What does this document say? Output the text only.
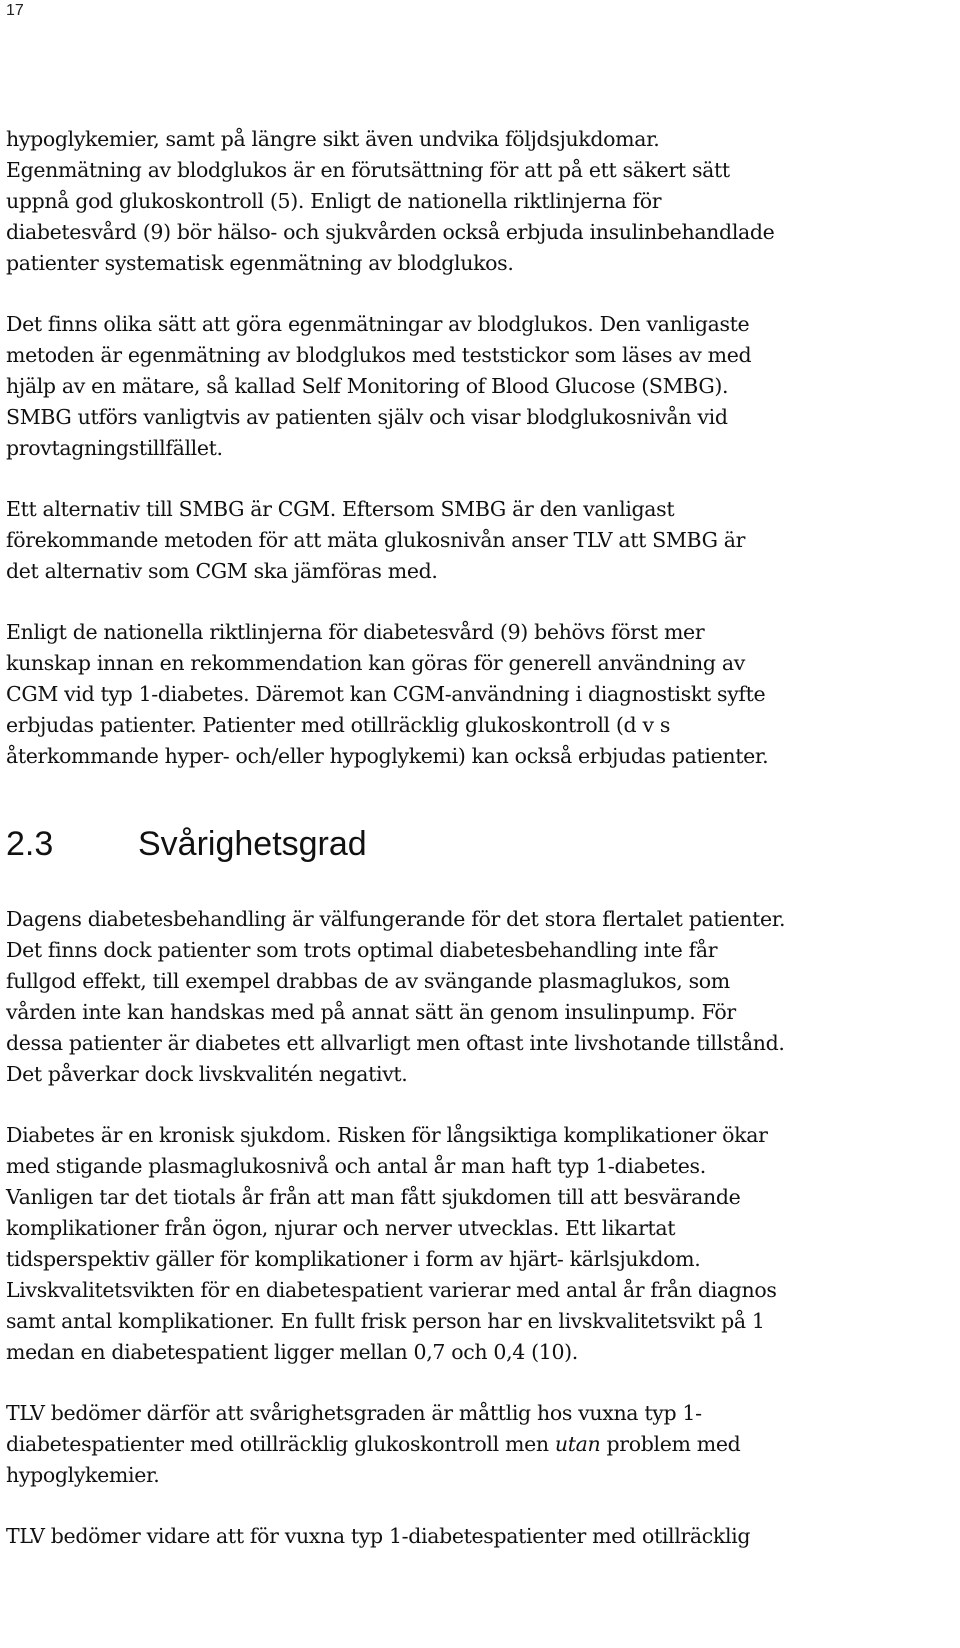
17

hypoglykemier, samt på längre sikt även undvika följdsjukdomar.
Egenmätning av blodglukos är en förutsättning för att på ett säkert sätt
uppnå god glukoskontroll (5). Enligt de nationella riktlinjerna för
diabetesvård (9) bör hälso- och sjukvården också erbjuda insulinbehandlade
patienter systematisk egenmätning av blodglukos.

Det finns olika sätt att göra egenmätningar av blodglukos. Den vanligaste
metoden är egenmätning av blodglukos med teststickor som läses av med
hjälp av en mätare, så kallad Self Monitoring of Blood Glucose (SMBG).
SMBG utförs vanligtvis av patienten själv och visar blodglukosnivån vid
provtagningstillfället.

Ett alternativ till SMBG är CGM. Eftersom SMBG är den vanligast
förekommande metoden för att mäta glukosnivån anser TLV att SMBG är
det alternativ som CGM ska jämföras med.

Enligt de nationella riktlinjerna för diabetesvård (9) behövs först mer
kunskap innan en rekommendation kan göras för generell användning av
CGM vid typ 1-diabetes. Däremot kan CGM-användning i diagnostiskt syfte
erbjudas patienter. Patienter med otillräcklig glukoskontroll (d v s
återkommande hyper- och/eller hypoglykemi) kan också erbjudas patienter.

2.3	Svårighetsgrad

Dagens diabetesbehandling är välfungerande för det stora flertalet patienter.
Det finns dock patienter som trots optimal diabetesbehandling inte får
fullgod effekt, till exempel drabbas de av svängande plasmaglukos, som
vården inte kan handskas med på annat sätt än genom insulinpump. För
dessa patienter är diabetes ett allvarligt men oftast inte livshotande tillstånd.
Det påverkar dock livskvalitén negativt.

Diabetes är en kronisk sjukdom. Risken för långsiktiga komplikationer ökar
med stigande plasmaglukosnivå och antal år man haft typ 1-diabetes.
Vanligen tar det tiotals år från att man fått sjukdomen till att besvärande
komplikationer från ögon, njurar och nerver utvecklas. Ett likartat
tidsperspektiv gäller för komplikationer i form av hjärt- kärlsjukdom.
Livskvalitetsvikten för en diabetespatient varierar med antal år från diagnos
samt antal komplikationer. En fullt frisk person har en livskvalitetsvikt på 1
medan en diabetespatient ligger mellan 0,7 och 0,4 (10).

TLV bedömer därför att svårighetsgraden är måttlig hos vuxna typ 1-
diabetespatienter med otillräcklig glukoskontroll men utan problem med
hypoglykemier.

TLV bedömer vidare att för vuxna typ 1-diabetespatienter med otillräcklig
